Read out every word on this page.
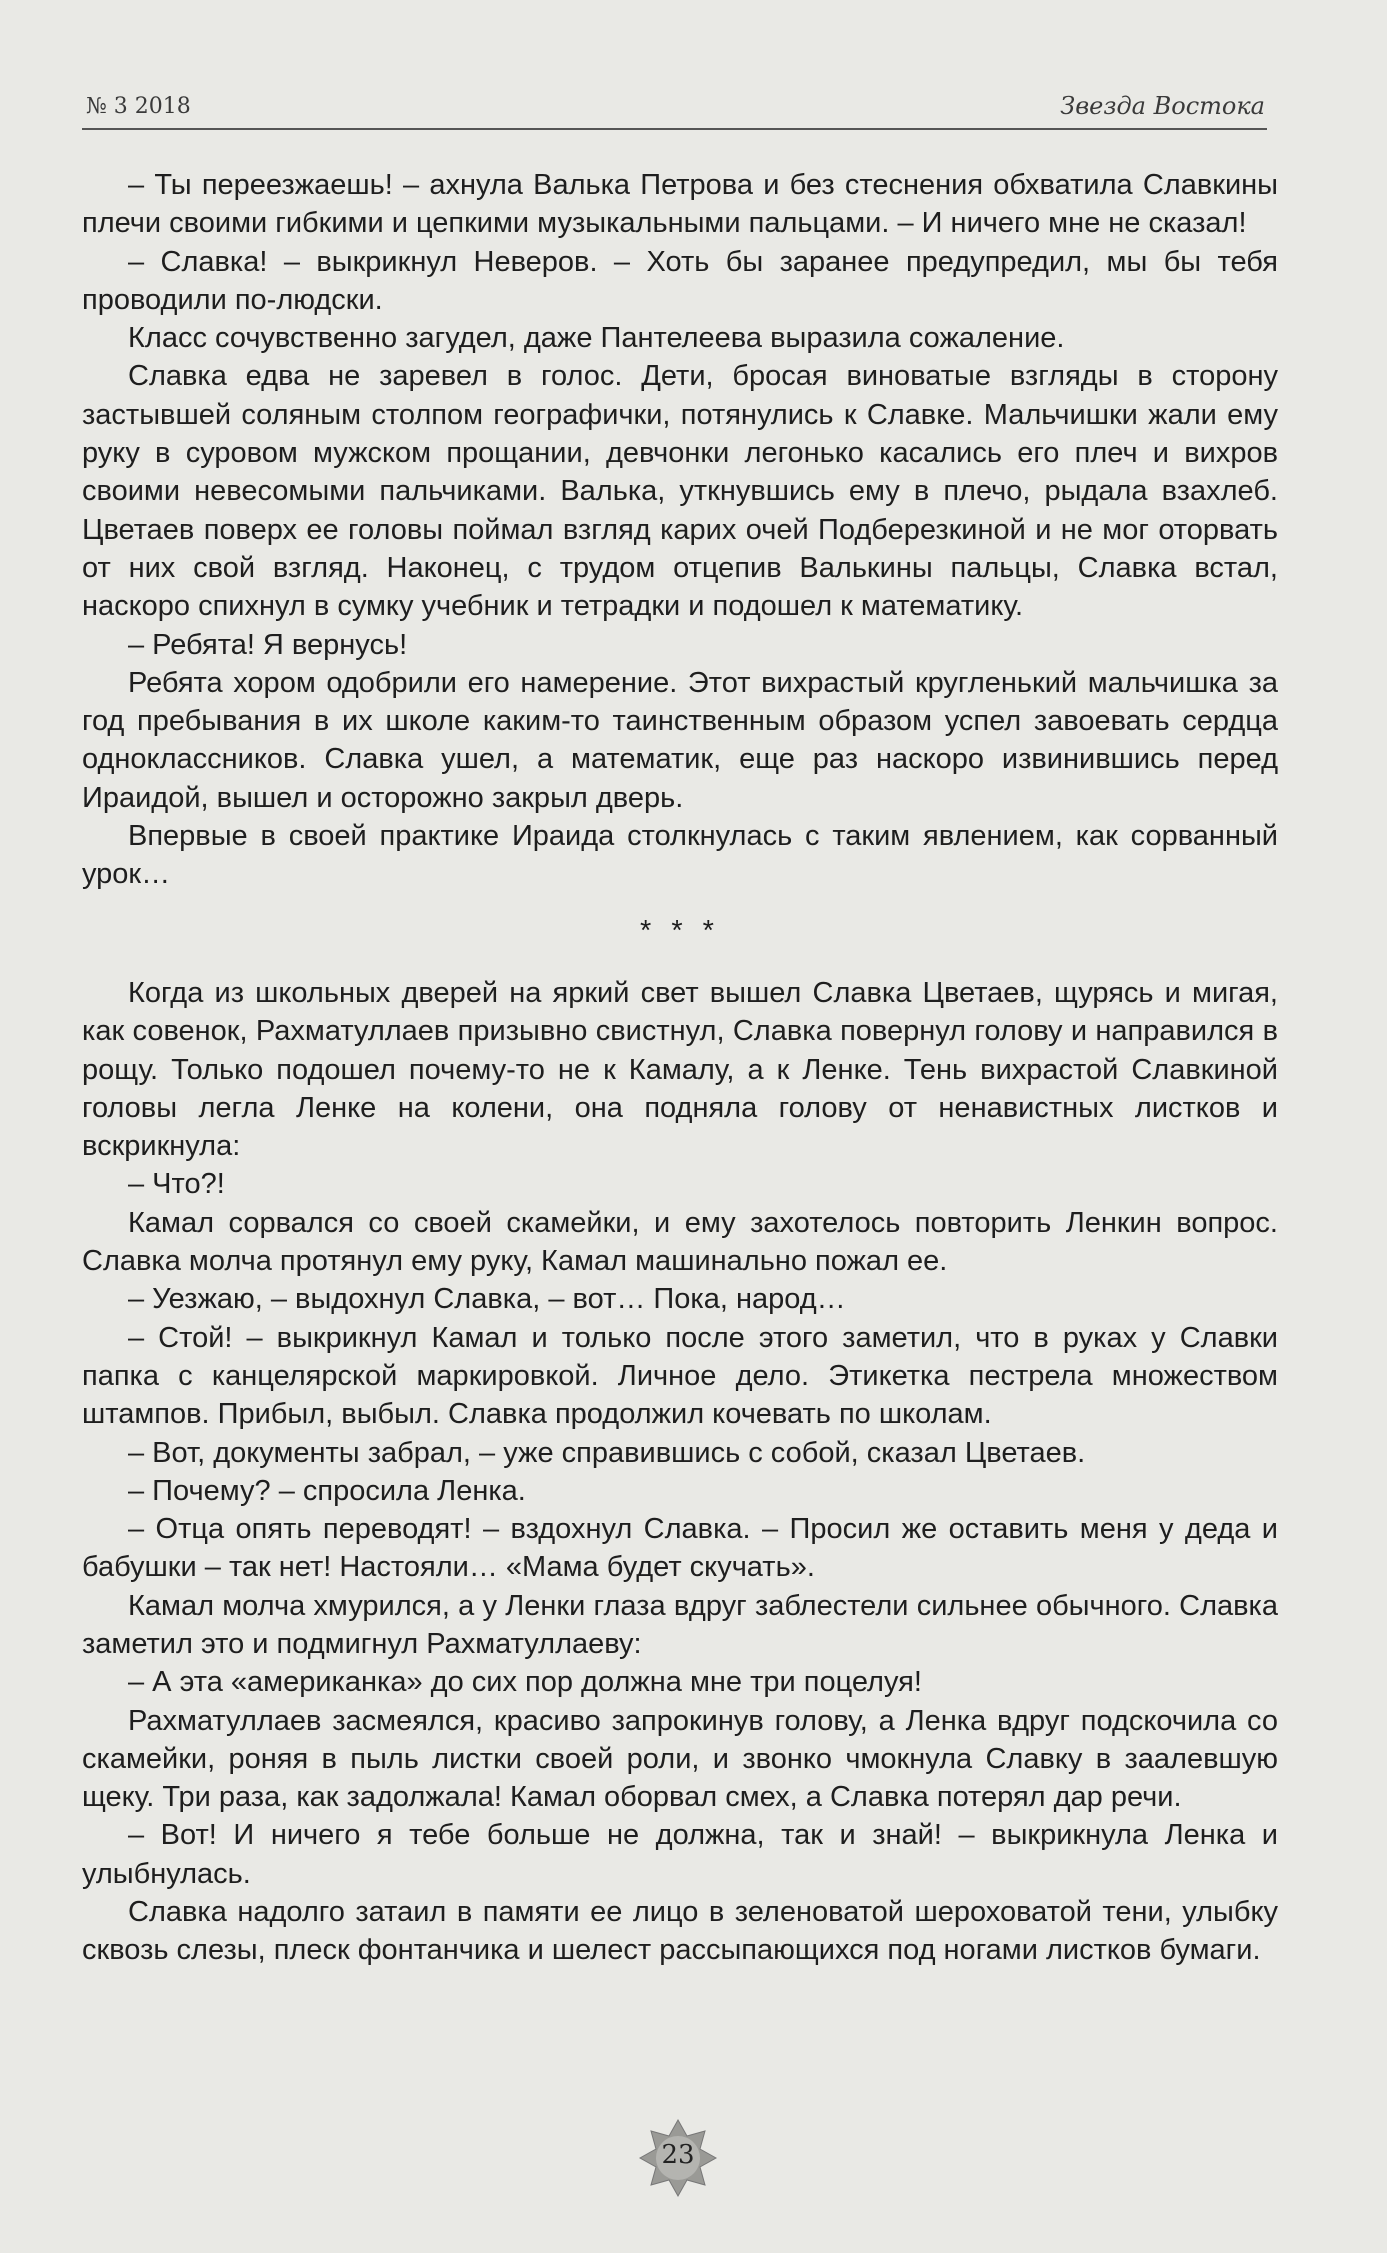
№ 3 2018	Звезда Востока

– Ты переезжаешь! – ахнула Валька Петрова и без стеснения обхватила Славкины плечи своими гибкими и цепкими музыкальными пальцами. – И ничего мне не сказал!

– Славка! – выкрикнул Неверов. – Хоть бы заранее предупредил, мы бы тебя проводили по-людски.

Класс сочувственно загудел, даже Пантелеева выразила сожаление.

Славка едва не заревел в голос. Дети, бросая виноватые взгляды в сторону застывшей соляным столпом географички, потянулись к Славке. Мальчишки жали ему руку в суровом мужском прощании, девчонки легонько касались его плеч и вихров своими невесомыми пальчиками. Валька, уткнувшись ему в плечо, рыдала взахлеб. Цветаев поверх ее головы поймал взгляд карих очей Подберезкиной и не мог оторвать от них свой взгляд. Наконец, с трудом отцепив Валькины пальцы, Славка встал, наскоро спихнул в сумку учебник и тетрадки и подошел к математику.

– Ребята! Я вернусь!

Ребята хором одобрили его намерение. Этот вихрастый кругленький мальчишка за год пребывания в их школе каким-то таинственным образом успел завоевать сердца одноклассников. Славка ушел, а математик, еще раз наскоро извинившись перед Ираидой, вышел и осторожно закрыл дверь.

Впервые в своей практике Ираида столкнулась с таким явлением, как сорванный урок…

* * *

Когда из школьных дверей на яркий свет вышел Славка Цветаев, щурясь и мигая, как совенок, Рахматуллаев призывно свистнул, Славка повернул голову и направился в рощу. Только подошел почему-то не к Камалу, а к Ленке. Тень вихрастой Славкиной головы легла Ленке на колени, она подняла голову от ненавистных листков и вскрикнула:

– Что?!

Камал сорвался со своей скамейки, и ему захотелось повторить Ленкин вопрос. Славка молча протянул ему руку, Камал машинально пожал ее.

– Уезжаю, – выдохнул Славка, – вот… Пока, народ…

– Стой! – выкрикнул Камал и только после этого заметил, что в руках у Славки папка с канцелярской маркировкой. Личное дело. Этикетка пестрела множеством штампов. Прибыл, выбыл. Славка продолжил кочевать по школам.

– Вот, документы забрал, – уже справившись с собой, сказал Цветаев.

– Почему? – спросила Ленка.

– Отца опять переводят! – вздохнул Славка. – Просил же оставить меня у деда и бабушки – так нет! Настояли… «Мама будет скучать».

Камал молча хмурился, а у Ленки глаза вдруг заблестели сильнее обычного. Славка заметил это и подмигнул Рахматуллаеву:

– А эта «американка» до сих пор должна мне три поцелуя!

Рахматуллаев засмеялся, красиво запрокинув голову, а Ленка вдруг подскочила со скамейки, роняя в пыль листки своей роли, и звонко чмокнула Славку в заалевшую щеку. Три раза, как задолжала! Камал оборвал смех, а Славка потерял дар речи.

– Вот! И ничего я тебе больше не должна, так и знай! – выкрикнула Ленка и улыбнулась.

Славка надолго затаил в памяти ее лицо в зеленоватой шероховатой тени, улыбку сквозь слезы, плеск фонтанчика и шелест рассыпающихся под ногами листков бумаги.

23
